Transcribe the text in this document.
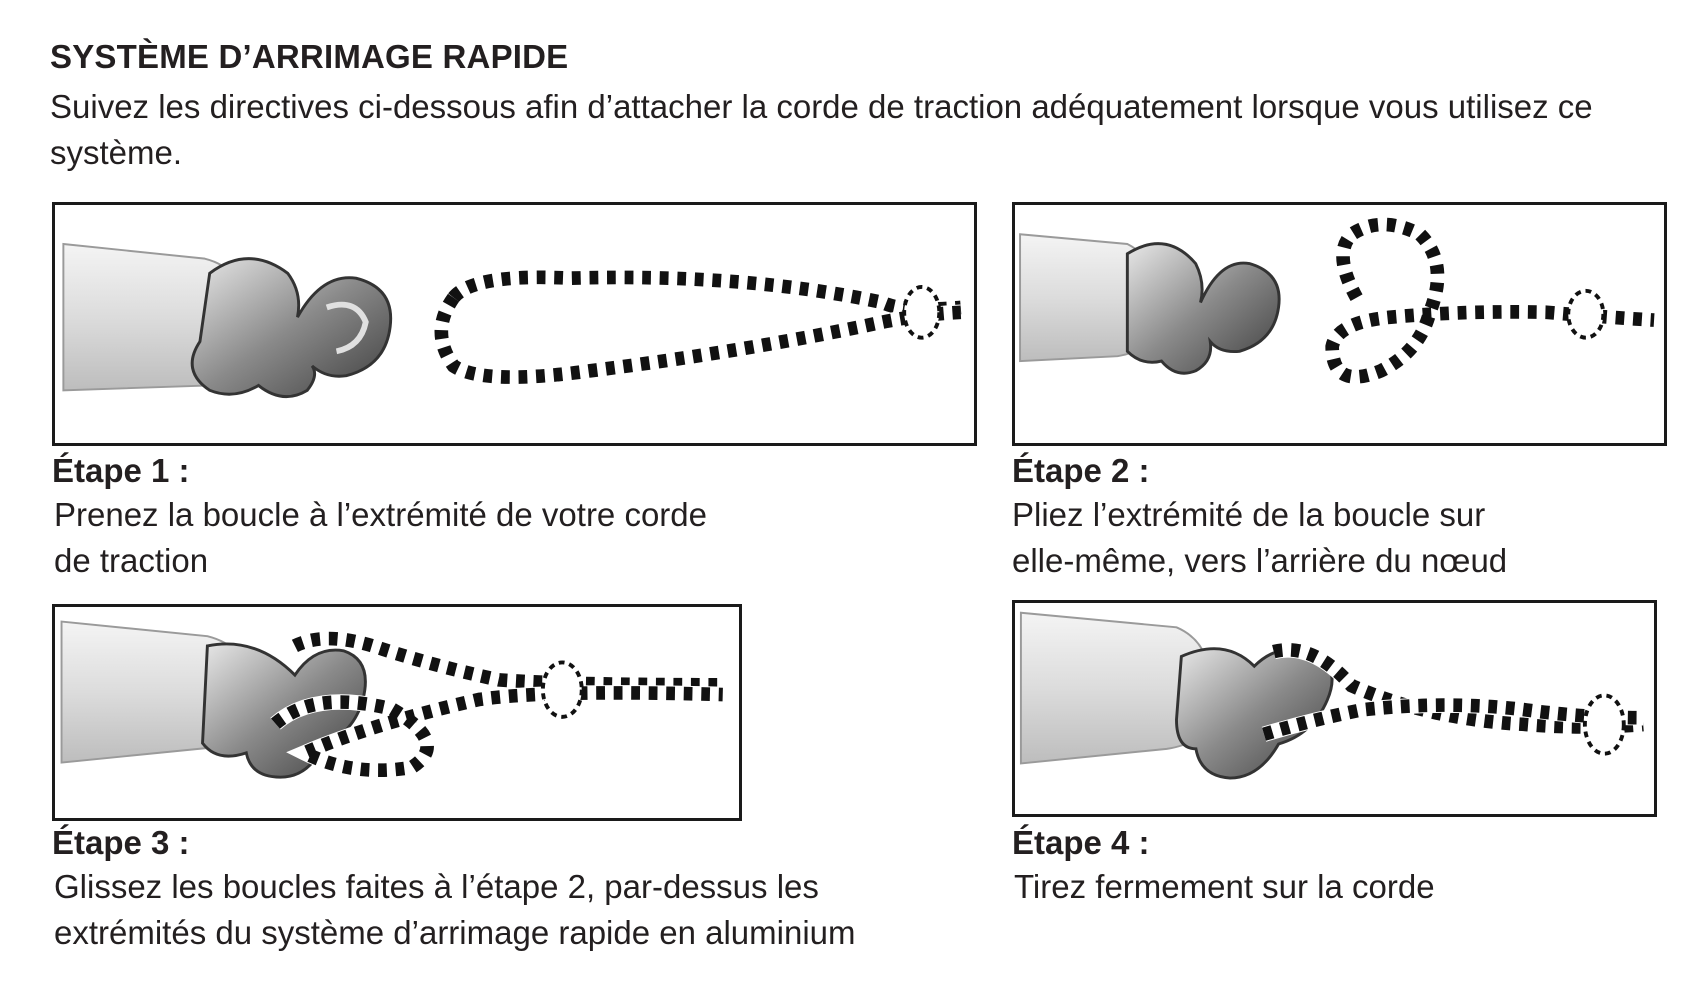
SYSTÈME D’ARRIMAGE RAPIDE
Suivez les directives ci-dessous afin d’attacher la corde de traction adéquatement lorsque vous utilisez ce système.
Étape 1 :
Prenez la boucle à l’extrémité de votre corde
de traction
Étape 2 :
Pliez l’extrémité de la boucle sur
elle-même, vers l’arrière du nœud
Étape 3 :
Glissez les boucles faites à l’étape 2, par-dessus les
extrémités du système d’arrimage rapide en aluminium
Étape 4 :
Tirez fermement sur la corde
